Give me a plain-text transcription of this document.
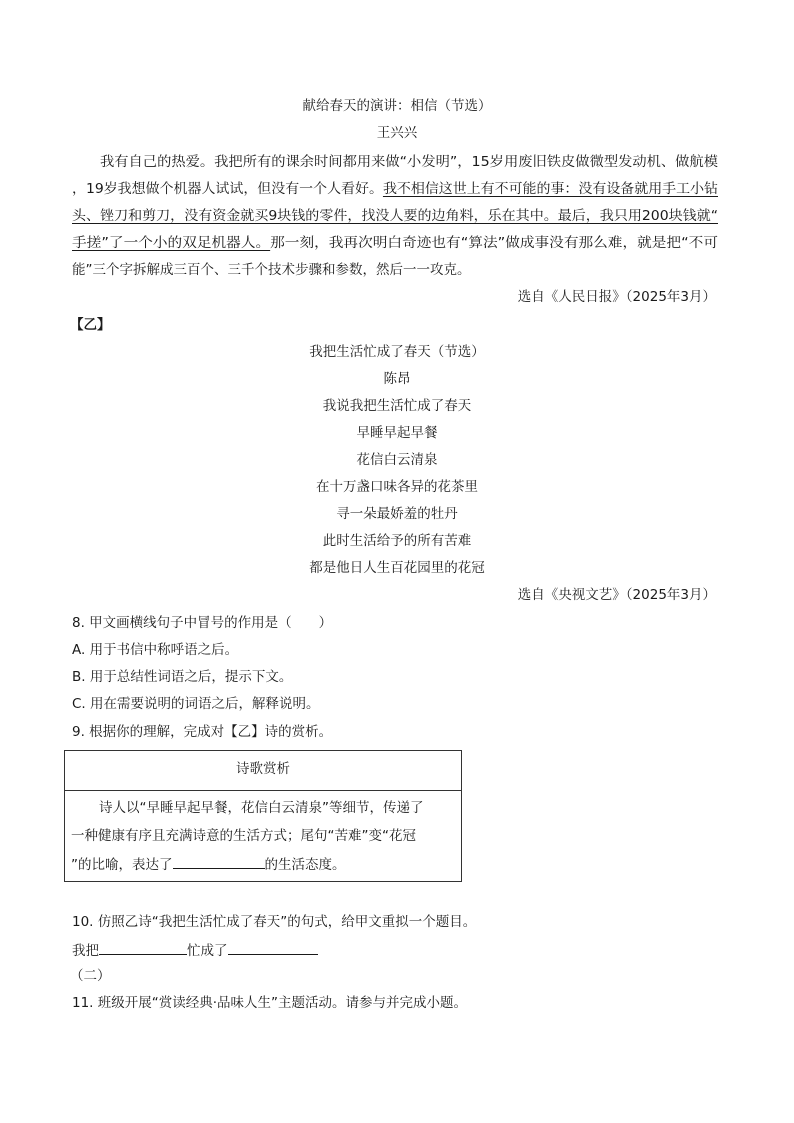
献给春天的演讲：相信（节选）
王兴兴
我有自己的热爱。我把所有的课余时间都用来做“小发明”，15岁用废旧铁皮做微型发动机、做航模
，19岁我想做个机器人试试，但没有一个人看好。我不相信这世上有不可能的事：没有设备就用手工小钻
头、锉刀和剪刀，没有资金就买9块钱的零件，找没人要的边角料，乐在其中。最后，我只用200块钱就“
手搓”了一个小的双足机器人。那一刻，我再次明白奇迹也有“算法”做成事没有那么难，就是把“不可
能”三个字拆解成三百个、三千个技术步骤和参数，然后一一攻克。
选自《人民日报》（2025年3月）
【乙】
我把生活忙成了春天（节选）
陈昂
我说我把生活忙成了春天
早睡早起早餐
花信白云清泉
在十万盏口味各异的花茶里
寻一朵最娇羞的牡丹
此时生活给予的所有苦难
都是他日人生百花园里的花冠
选自《央视文艺》（2025年3月）
8. 甲文画横线句子中冒号的作用是（　　）
A. 用于书信中称呼语之后。
B. 用于总结性词语之后，提示下文。
C. 用在需要说明的词语之后，解释说明。
9. 根据你的理解，完成对【乙】诗的赏析。
诗歌赏析
诗人以“早睡早起早餐，花信白云清泉”等细节，传递了
一种健康有序且充满诗意的生活方式；尾句“苦难”变“花冠
”的比喻，表达了	的生活态度。
10. 仿照乙诗“我把生活忙成了春天”的句式，给甲文重拟一个题目。
我把	忙成了
（二）
11. 班级开展“赏读经典·品味人生”主题活动。请参与并完成小题。
